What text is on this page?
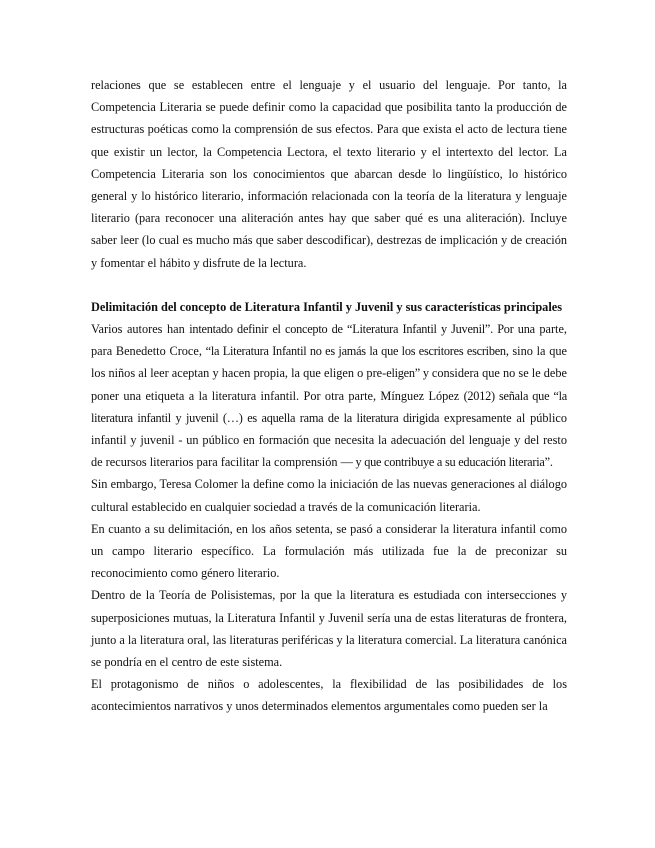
relaciones que se establecen entre el lenguaje y el usuario del lenguaje. Por tanto, la Competencia Literaria se puede definir como la capacidad que posibilita tanto la producción de estructuras poéticas como la comprensión de sus efectos. Para que exista el acto de lectura tiene que existir un lector, la Competencia Lectora, el texto literario y el intertexto del lector. La Competencia Literaria son los conocimientos que abarcan desde lo lingüístico, lo histórico general y lo histórico literario, información relacionada con la teoría de la literatura y lenguaje literario (para reconocer una aliteración antes hay que saber qué es una aliteración). Incluye saber leer (lo cual es mucho más que saber descodificar), destrezas de implicación y de creación y fomentar el hábito y disfrute de la lectura.

Delimitación del concepto de Literatura Infantil y Juvenil y sus características principales

Varios autores han intentado definir el concepto de “Literatura Infantil y Juvenil”. Por una parte, para Benedetto Croce, “la Literatura Infantil no es jamás la que los escritores escriben, sino la que los niños al leer aceptan y hacen propia, la que eligen o pre-eligen” y considera que no se le debe poner una etiqueta a la literatura infantil. Por otra parte, Mínguez López (2012) señala que “la literatura infantil y juvenil (…) es aquella rama de la literatura dirigida expresamente al público infantil y juvenil - un público en formación que necesita la adecuación del lenguaje y del resto de recursos literarios para facilitar la comprensión — y que contribuye a su educación literaria”.

Sin embargo, Teresa Colomer la define como la iniciación de las nuevas generaciones al diálogo cultural establecido en cualquier sociedad a través de la comunicación literaria.

En cuanto a su delimitación, en los años setenta, se pasó a considerar la literatura infantil como un campo literario específico. La formulación más utilizada fue la de preconizar su reconocimiento como género literario.

Dentro de la Teoría de Polisistemas, por la que la literatura es estudiada con intersecciones y superposiciones mutuas, la Literatura Infantil y Juvenil sería una de estas literaturas de frontera, junto a la literatura oral, las literaturas periféricas y la literatura comercial. La literatura canónica se pondría en el centro de este sistema.

El protagonismo de niños o adolescentes, la flexibilidad de las posibilidades de los acontecimientos narrativos y unos determinados elementos argumentales como pueden ser la
